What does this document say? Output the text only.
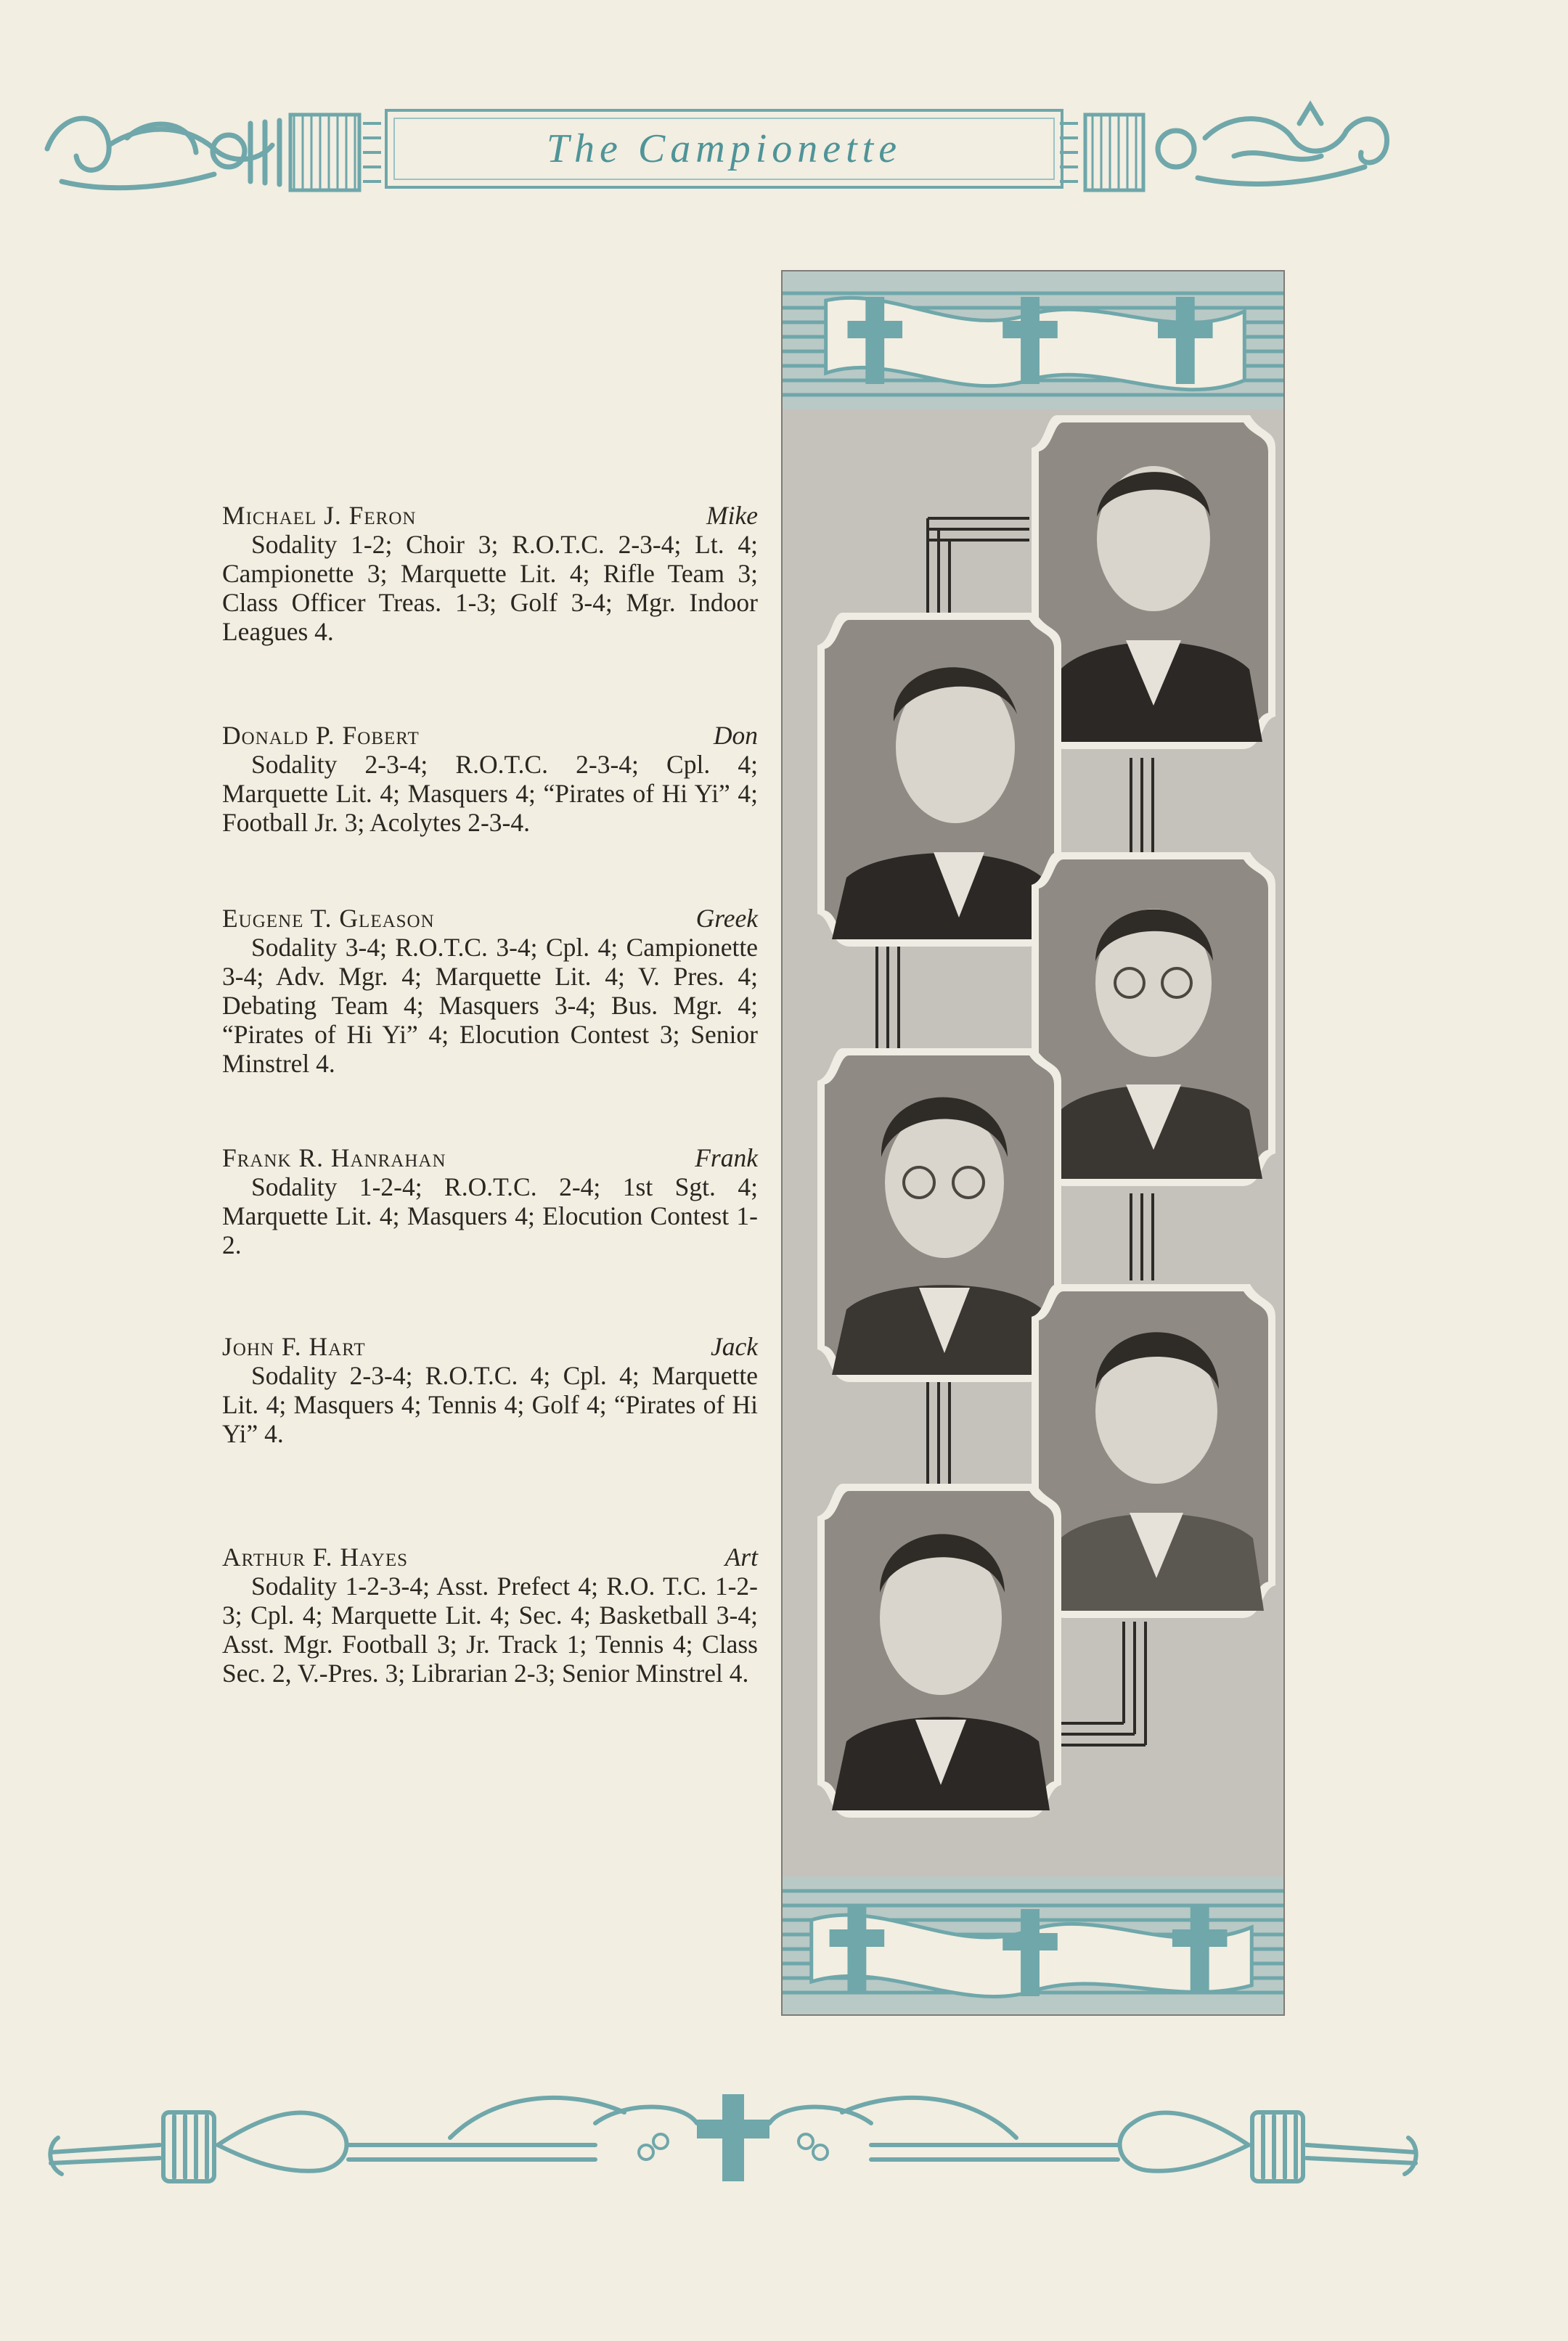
The Campionette
Michael J. Feron	Mike

Sodality 1-2; Choir 3; R.O.T.C. 2-3-4; Lt. 4; Campionette 3; Marquette Lit. 4; Rifle Team 3; Class Officer Treas. 1-3; Golf 3-4; Mgr. Indoor Leagues 4.

Donald P. Fobert	Don

Sodality 2-3-4; R.O.T.C. 2-3-4; Cpl. 4; Marquette Lit. 4; Masquers 4; “Pirates of Hi Yi” 4; Football Jr. 3; Acolytes 2-3-4.

Eugene T. Gleason	Greek

Sodality 3-4; R.O.T.C. 3-4; Cpl. 4; Campionette 3-4; Adv. Mgr. 4; Marquette Lit. 4; V. Pres. 4; Debating Team 4; Masquers 3-4; Bus. Mgr. 4; “Pirates of Hi Yi” 4; Elocution Contest 3; Senior Minstrel 4.

Frank R. Hanrahan	Frank

Sodality 1-2-4; R.O.T.C. 2-4; 1st Sgt. 4; Marquette Lit. 4; Masquers 4; Elocution Contest 1-2.

John F. Hart	Jack

Sodality 2-3-4; R.O.T.C. 4; Cpl. 4; Marquette Lit. 4; Masquers 4; Tennis 4; Golf 4; “Pirates of Hi Yi” 4.

Arthur F. Hayes	Art

Sodality 1-2-3-4; Asst. Prefect 4; R.O. T.C. 1-2-3; Cpl. 4; Marquette Lit. 4; Sec. 4; Basketball 3-4; Asst. Mgr. Football 3; Jr. Track 1; Tennis 4; Class Sec. 2, V.-Pres. 3; Librarian 2-3; Senior Minstrel 4.
